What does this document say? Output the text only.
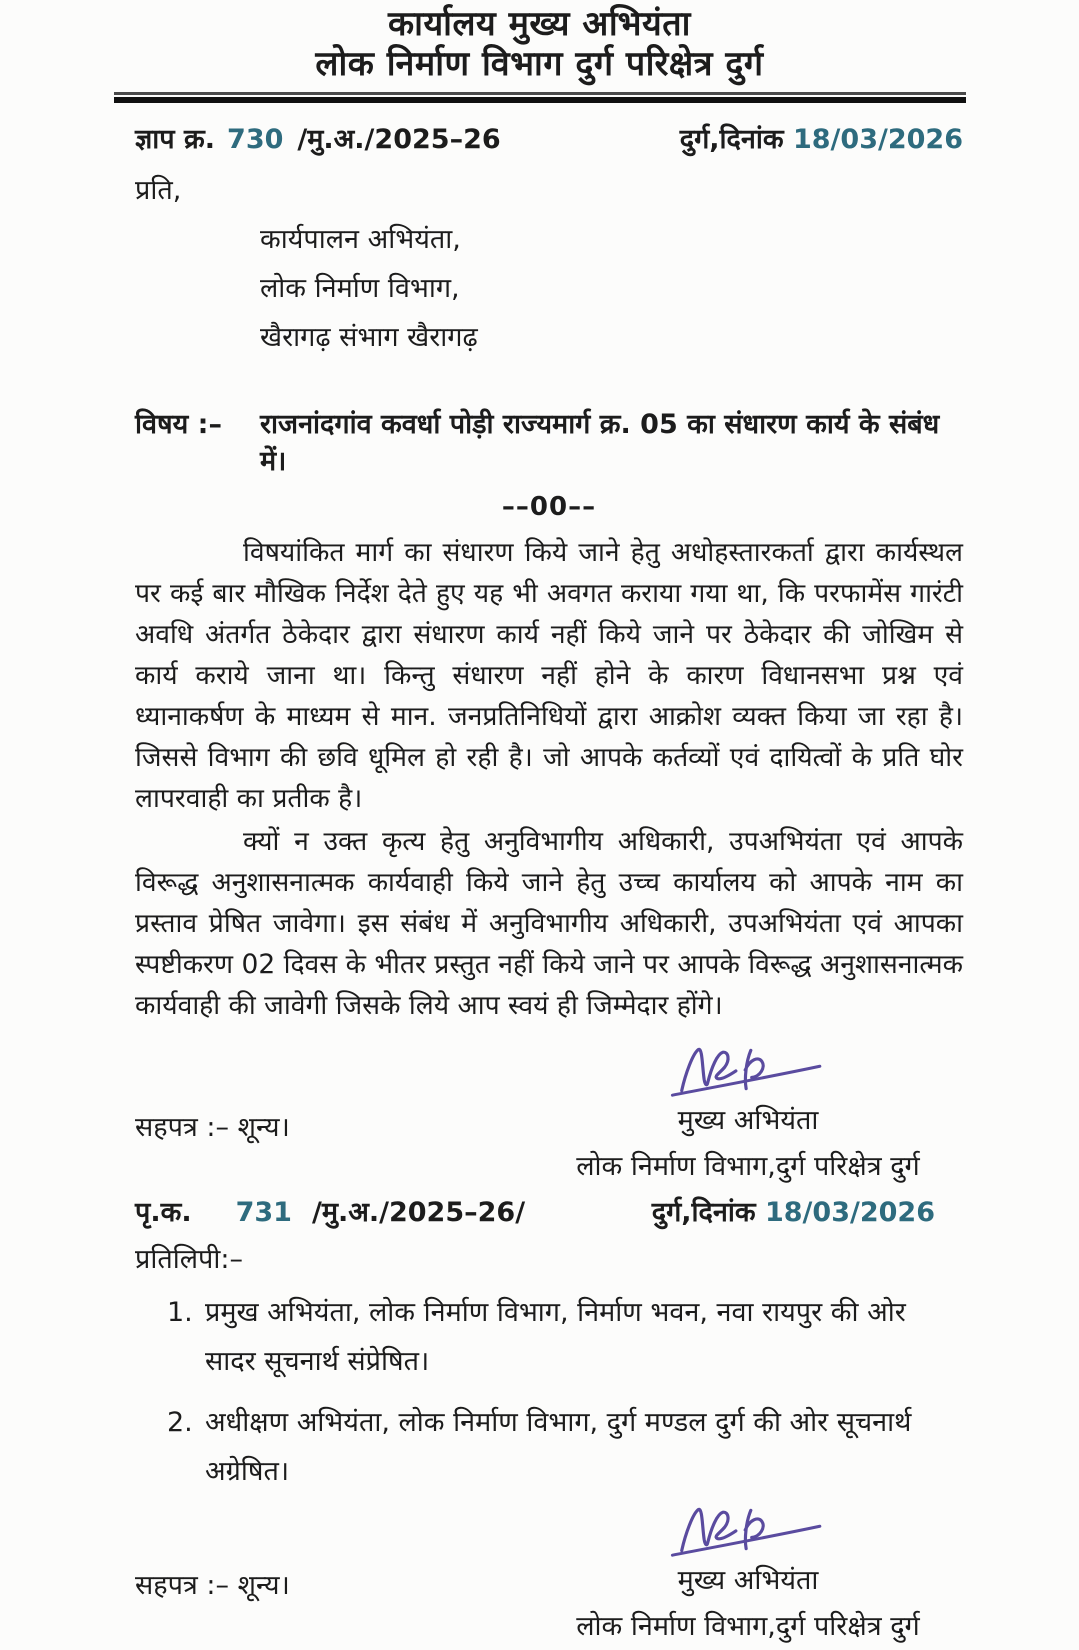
कार्यालय मुख्य अभियंता
लोक निर्माण विभाग दुर्ग परिक्षेत्र दुर्ग
ज्ञाप क्र. 730 /मु.अ./2025–26	दुर्ग,दिनांक 18/03/2026
प्रति,
कार्यपालन अभियंता,
लोक निर्माण विभाग,
खैरागढ़ संभाग खैरागढ़
विषय :–	राजनांदगांव कवर्धा पोड़ी राज्यमार्ग क्र. 05 का संधारण कार्य के संबंध में।
––00––
विषयांकित मार्ग का संधारण किये जाने हेतु अधोहस्तारकर्ता द्वारा कार्यस्थल पर कई बार मौखिक निर्देश देते हुए यह भी अवगत कराया गया था, कि परफामेंस गारंटी अवधि अंतर्गत ठेकेदार द्वारा संधारण कार्य नहीं किये जाने पर ठेकेदार की जोखिम से कार्य कराये जाना था। किन्तु संधारण नहीं होने के कारण विधानसभा प्रश्न एवं ध्यानाकर्षण के माध्यम से मान. जनप्रतिनिधियों द्वारा आक्रोश व्यक्त किया जा रहा है। जिससे विभाग की छवि धूमिल हो रही है। जो आपके कर्तव्यों एवं दायित्वों के प्रति घोर लापरवाही का प्रतीक है।
क्यों न उक्त कृत्य हेतु अनुविभागीय अधिकारी, उपअभियंता एवं आपके विरूद्ध अनुशासनात्मक कार्यवाही किये जाने हेतु उच्च कार्यालय को आपके नाम का प्रस्ताव प्रेषित जावेगा। इस संबंध में अनुविभागीय अधिकारी, उपअभियंता एवं आपका स्पष्टीकरण 02 दिवस के भीतर प्रस्तुत नहीं किये जाने पर आपके विरूद्ध अनुशासनात्मक कार्यवाही की जावेगी जिसके लिये आप स्वयं ही जिम्मेदार होंगे।
सहपत्र :– शून्य।	मुख्य अभियंता
लोक निर्माण विभाग,दुर्ग परिक्षेत्र दुर्ग
पृ.क. 731 /मु.अ./2025–26/	दुर्ग,दिनांक 18/03/2026
प्रतिलिपी:–
1. प्रमुख अभियंता, लोक निर्माण विभाग, निर्माण भवन, नवा रायपुर की ओर सादर सूचनार्थ संप्रेषित।
2. अधीक्षण अभियंता, लोक निर्माण विभाग, दुर्ग मण्डल दुर्ग की ओर सूचनार्थ अग्रेषित।
सहपत्र :– शून्य।	मुख्य अभियंता
लोक निर्माण विभाग,दुर्ग परिक्षेत्र दुर्ग
